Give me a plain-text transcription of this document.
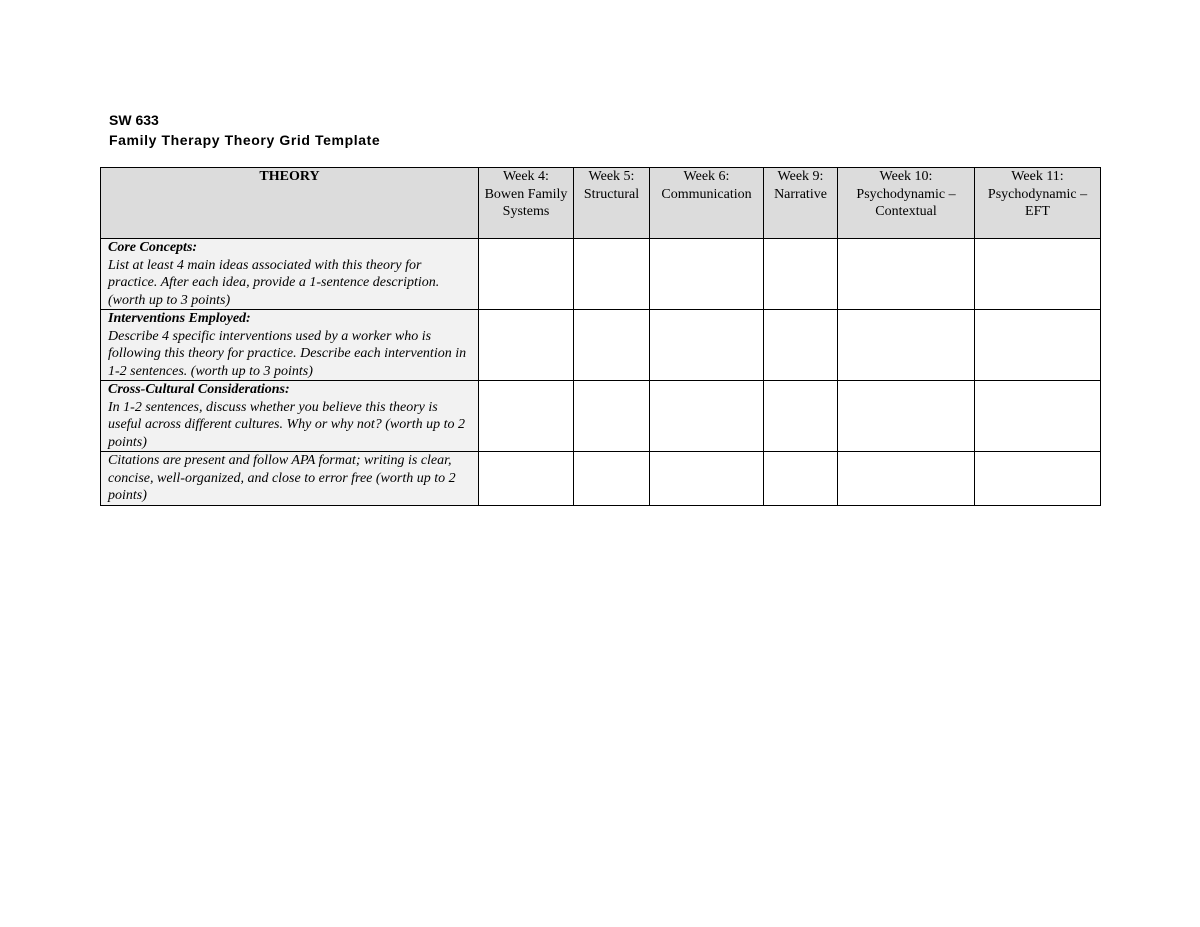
SW 633
Family Therapy Theory Grid Template
THEORY	Week 4: Bowen Family Systems	Week 5: Structural	Week 6: Communication	Week 9: Narrative	Week 10: Psychodynamic – Contextual	Week 11: Psychodynamic – EFT

Core Concepts:
List at least 4 main ideas associated with this theory for practice. After each idea, provide a 1-sentence description. (worth up to 3 points)						

Interventions Employed:
Describe 4 specific interventions used by a worker who is following this theory for practice. Describe each intervention in 1-2 sentences. (worth up to 3 points)						

Cross-Cultural Considerations:
In 1-2 sentences, discuss whether you believe this theory is useful across different cultures. Why or why not? (worth up to 2 points)						
Citations are present and follow APA format; writing is clear, concise, well-organized, and close to error free (worth up to 2 points)						
